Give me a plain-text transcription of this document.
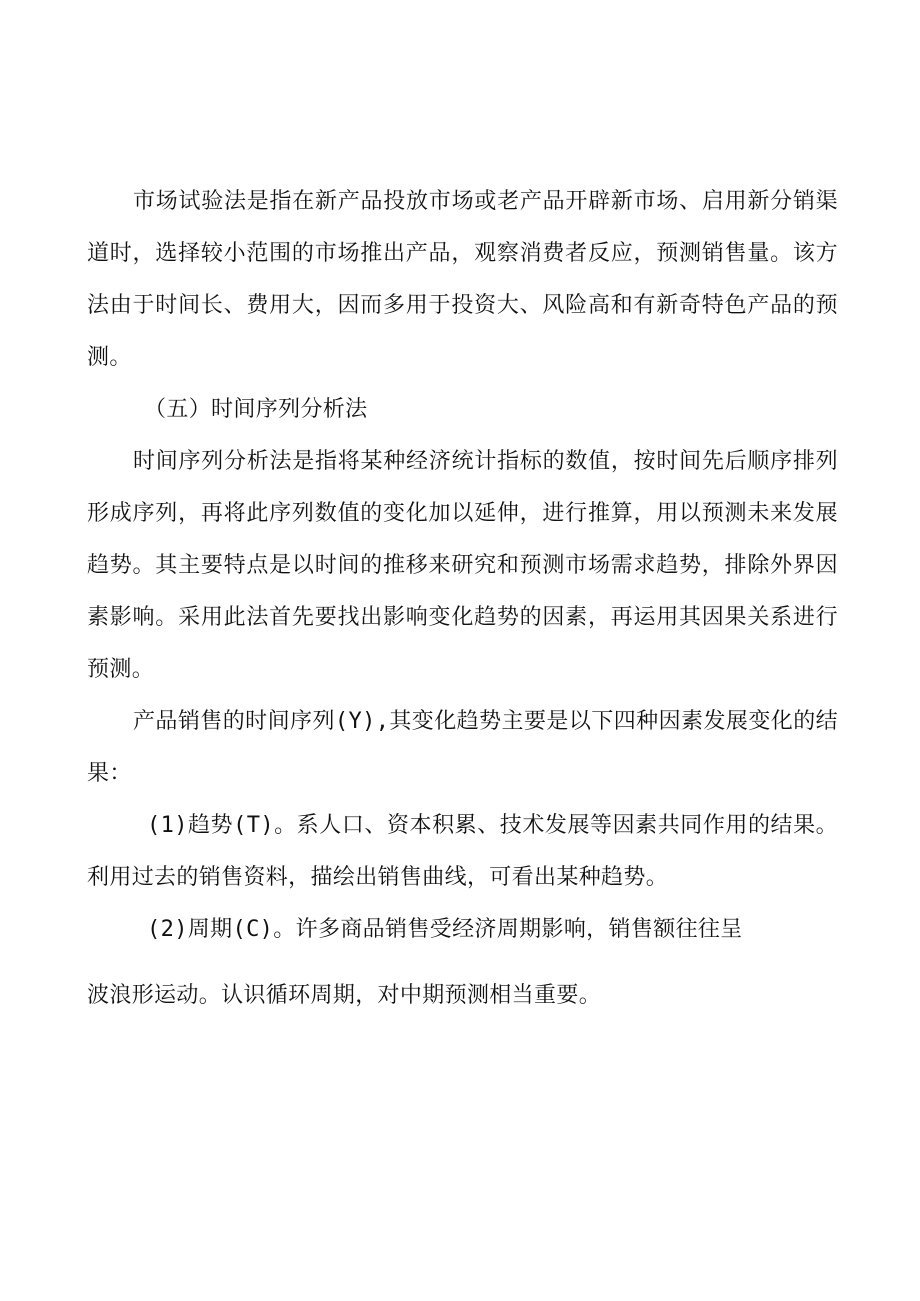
市场试验法是指在新产品投放市场或老产品开辟新市场、启用新分销渠道时，选择较小范围的市场推出产品，观察消费者反应，预测销售量。该方法由于时间长、费用大，因而多用于投资大、风险高和有新奇特色产品的预测。

（五）时间序列分析法

时间序列分析法是指将某种经济统计指标的数值，按时间先后顺序排列形成序列，再将此序列数值的变化加以延伸，进行推算，用以预测未来发展趋势。其主要特点是以时间的推移来研究和预测市场需求趋势，排除外界因素影响。采用此法首先要找出影响变化趋势的因素，再运用其因果关系进行预测。

产品销售的时间序列(Y),其变化趋势主要是以下四种因素发展变化的结果：

(1)趋势(T)。系人口、资本积累、技术发展等因素共同作用的结果。利用过去的销售资料，描绘出销售曲线，可看出某种趋势。

(2)周期(C)。许多商品销售受经济周期影响，销售额往往呈

波浪形运动。认识循环周期，对中期预测相当重要。
